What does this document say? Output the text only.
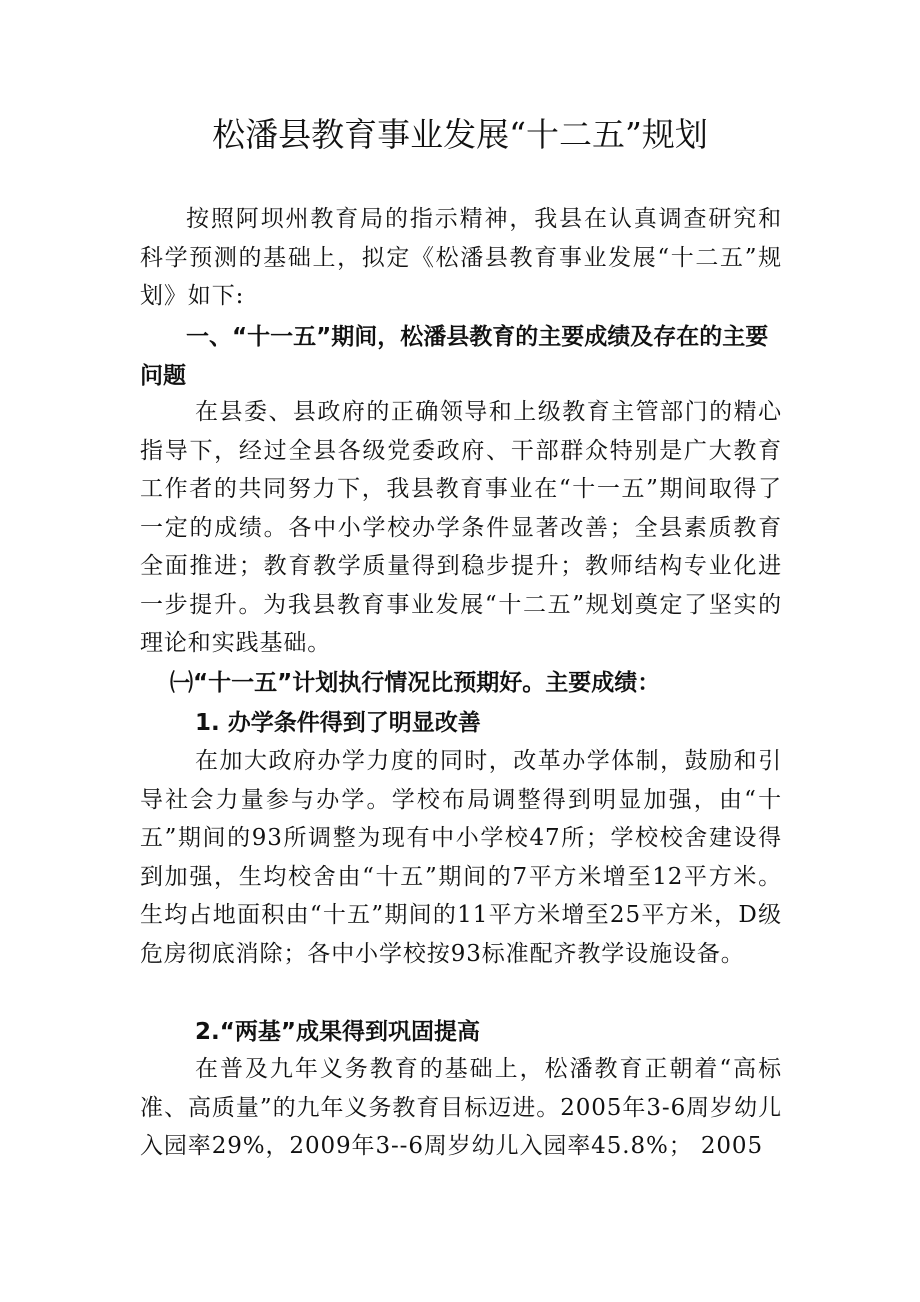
松潘县教育事业发展“十二五”规划

按照阿坝州教育局的指示精神，我县在认真调查研究和科学预测的基础上，拟定《松潘县教育事业发展“十二五”规划》如下:

一、“十一五”期间，松潘县教育的主要成绩及存在的主要问题

在县委、县政府的正确领导和上级教育主管部门的精心指导下，经过全县各级党委政府、干部群众特别是广大教育工作者的共同努力下，我县教育事业在“十一五”期间取得了一定的成绩。各中小学校办学条件显著改善；全县素质教育全面推进；教育教学质量得到稳步提升；教师结构专业化进一步提升。为我县教育事业发展“十二五”规划奠定了坚实的理论和实践基础。

㈠“十一五”计划执行情况比预期好。主要成绩：

1. 办学条件得到了明显改善

在加大政府办学力度的同时，改革办学体制，鼓励和引导社会力量参与办学。学校布局调整得到明显加强，由“十五”期间的93所调整为现有中小学校47所；学校校舍建设得到加强，生均校舍由“十五”期间的7平方米增至12平方米。生均占地面积由“十五”期间的11平方米增至25平方米，D级危房彻底消除；各中小学校按93标准配齐教学设施设备。

2.“两基”成果得到巩固提高

在普及九年义务教育的基础上，松潘教育正朝着“高标准、高质量”的九年义务教育目标迈进。2005年3-6周岁幼儿入园率29%，2009年3--6周岁幼儿入园率45.8%； 2005
